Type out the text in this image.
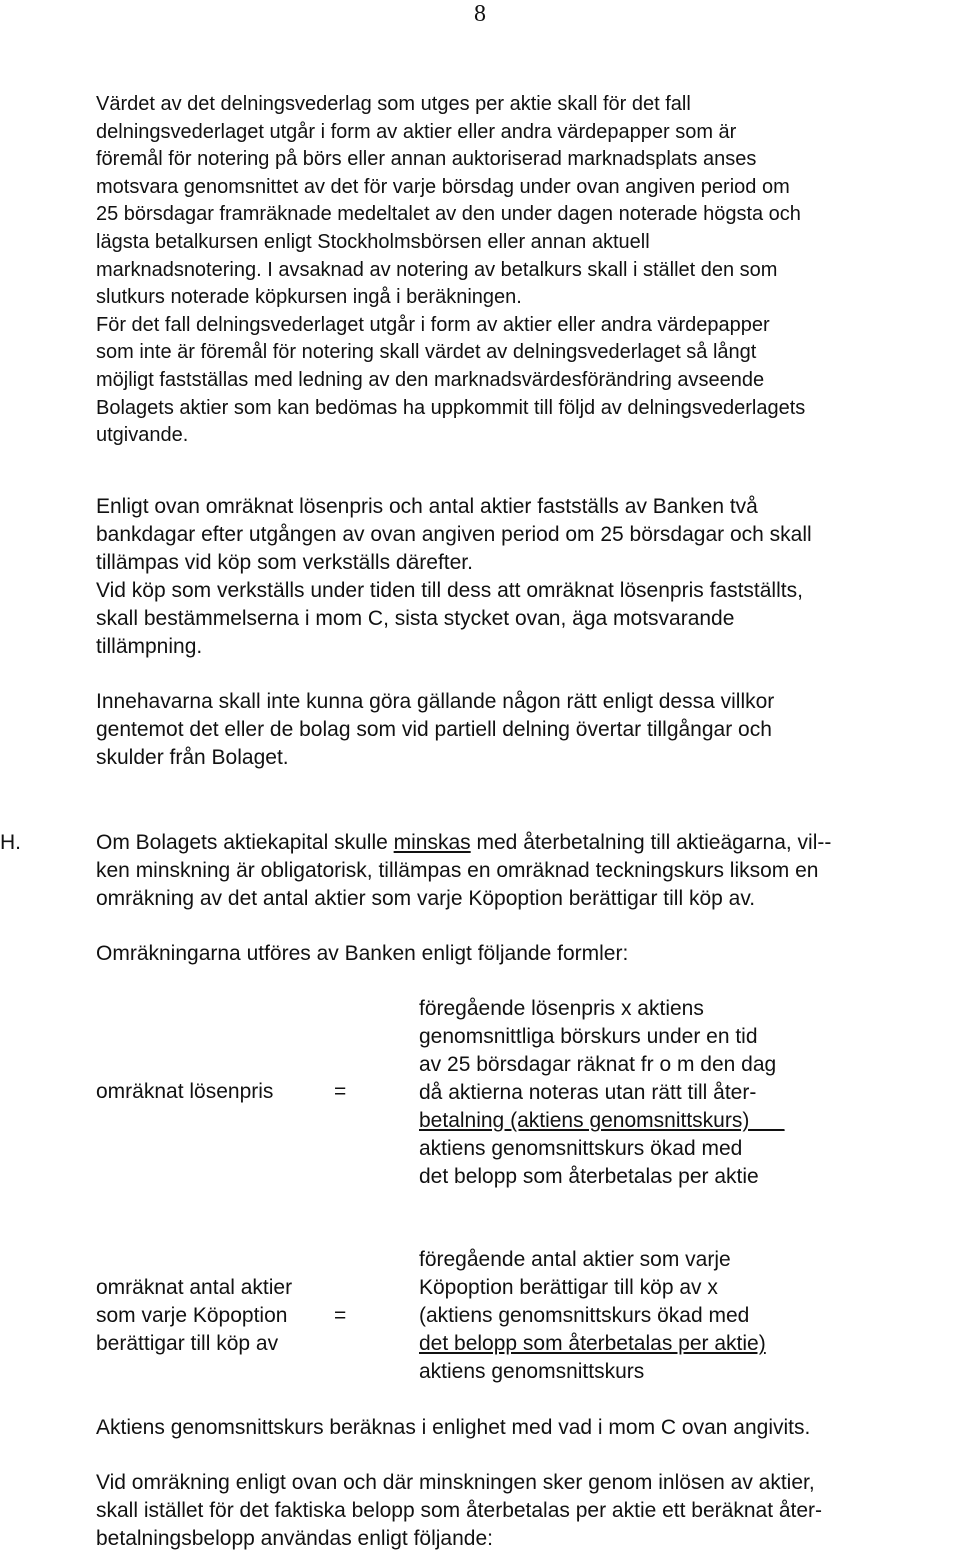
8
Värdet av det delningsvederlag som utges per aktie skall för det fall
delningsvederlaget utgår i form av aktier eller andra värdepapper som är
föremål för notering på börs eller annan auktoriserad marknadsplats anses
motsvara genomsnittet av det för varje börsdag under ovan angiven period om
25 börsdagar framräknade medeltalet av den under dagen noterade högsta och
lägsta betalkursen enligt Stockholmsbörsen eller annan aktuell
marknadsnotering. I avsaknad av notering av betalkurs skall i stället den som
slutkurs noterade köpkursen ingå i beräkningen.
För det fall delningsvederlaget utgår i form av aktier eller andra värdepapper
som inte är föremål för notering skall värdet av delningsvederlaget så långt
möjligt fastställas med ledning av den marknadsvärdesförändring avseende
Bolagets aktier som kan bedömas ha uppkommit till följd av delningsvederlagets
utgivande.
Enligt ovan omräknat lösenpris och antal aktier fastställs av Banken två
bankdagar efter utgången av ovan angiven period om 25 börsdagar och skall
tillämpas vid köp som verkställs därefter.
Vid köp som verkställs under tiden till dess att omräknat lösenpris fastställts,
skall bestämmelserna i mom C, sista stycket ovan, äga motsvarande
tillämpning.
Innehavarna skall inte kunna göra gällande någon rätt enligt dessa villkor
gentemot det eller de bolag som vid partiell delning övertar tillgångar och
skulder från Bolaget.
H.	Om Bolagets aktiekapital skulle minskas med återbetalning till aktieägarna, vil--
ken minskning är obligatorisk, tillämpas en omräknad teckningskurs liksom en
omräkning av det antal aktier som varje Köpoption berättigar till köp av.
Omräkningarna utföres av Banken enligt följande formler:
omräknat lösenpris	=
föregående lösenpris x aktiens
genomsnittliga börskurs under en tid
av 25 börsdagar räknat fr o m den dag
då aktierna noteras utan rätt till åter-
betalning (aktiens genomsnittskurs)___
aktiens genomsnittskurs ökad med
det belopp som återbetalas per aktie
omräknat antal aktier
som varje Köpoption
berättigar till köp av
=
föregående antal aktier som varje
Köpoption berättigar till köp av x
(aktiens genomsnittskurs ökad med
det belopp som återbetalas per aktie)
aktiens genomsnittskurs
Aktiens genomsnittskurs beräknas i enlighet med vad i mom C ovan angivits.
Vid omräkning enligt ovan och där minskningen sker genom inlösen av aktier,
skall istället för det faktiska belopp som återbetalas per aktie ett beräknat åter-
betalningsbelopp användas enligt följande:
